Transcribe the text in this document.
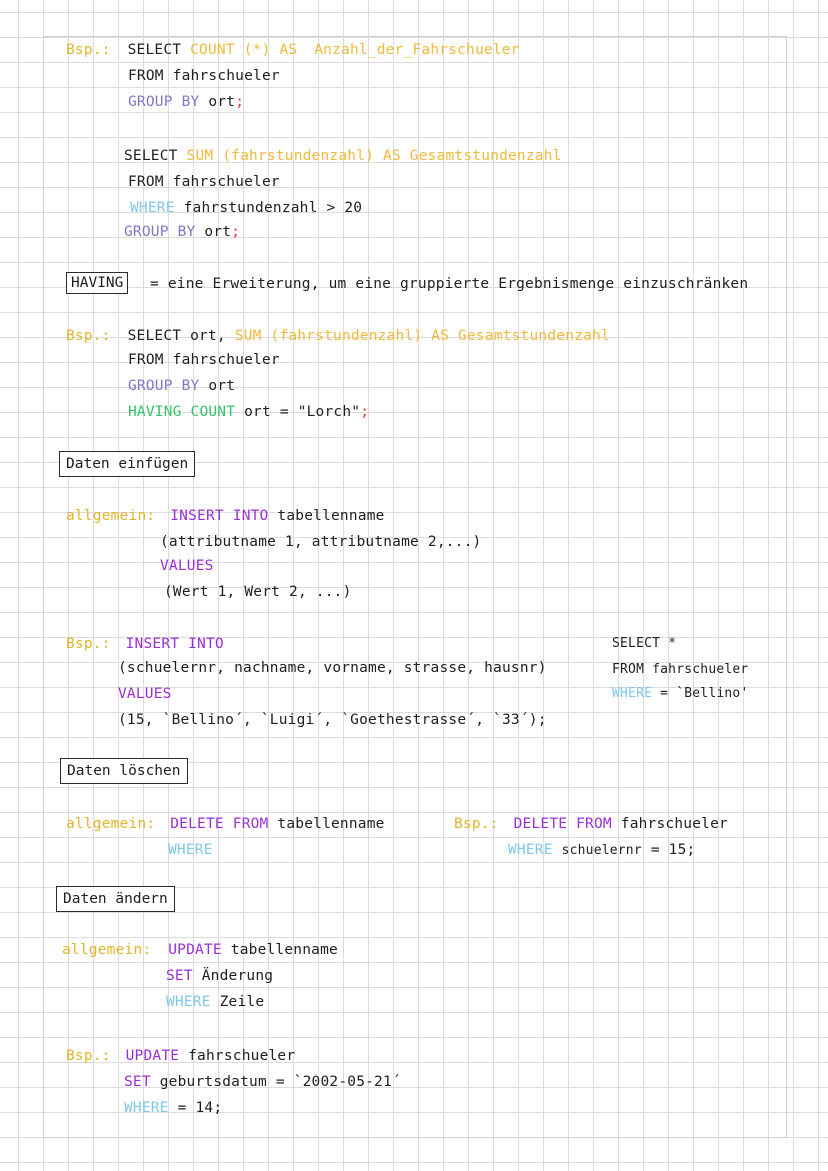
Bsp.: SELECT COUNT (*) AS Anzahl_der_Fahrschueler
FROM fahrschueler
GROUP BY ort;
SELECT SUM (fahrstundenzahl) AS Gesamtstundenzahl
FROM fahrschueler
WHERE fahrstundenzahl > 20
GROUP BY ort;
HAVING	= eine Erweiterung, um eine gruppierte Ergebnismenge einzuschränken
Bsp.: SELECT ort, SUM (fahrstundenzahl) AS Gesamtstundenzahl
FROM fahrschueler
GROUP BY ort
HAVING COUNT ort = "Lorch";
Daten einfügen
allgemein: INSERT INTO tabellenname
(attributname 1, attributname 2,...)
VALUES
(Wert 1, Wert 2, ...)
Bsp.: INSERT INTO
(schuelernr, nachname, vorname, strasse, hausnr)
VALUES
(15, `Bellino´, `Luigi´, `Goethestrasse´, `33´);
SELECT *
FROM fahrschueler
WHERE = `Bellino'
Daten löschen
allgemein: DELETE FROM tabellenname
WHERE
Bsp.: DELETE FROM fahrschueler
WHERE schuelernr = 15;
Daten ändern
allgemein: UPDATE tabellenname
SET Änderung
WHERE Zeile
Bsp.: UPDATE fahrschueler
SET geburtsdatum = `2002-05-21´
WHERE = 14;
